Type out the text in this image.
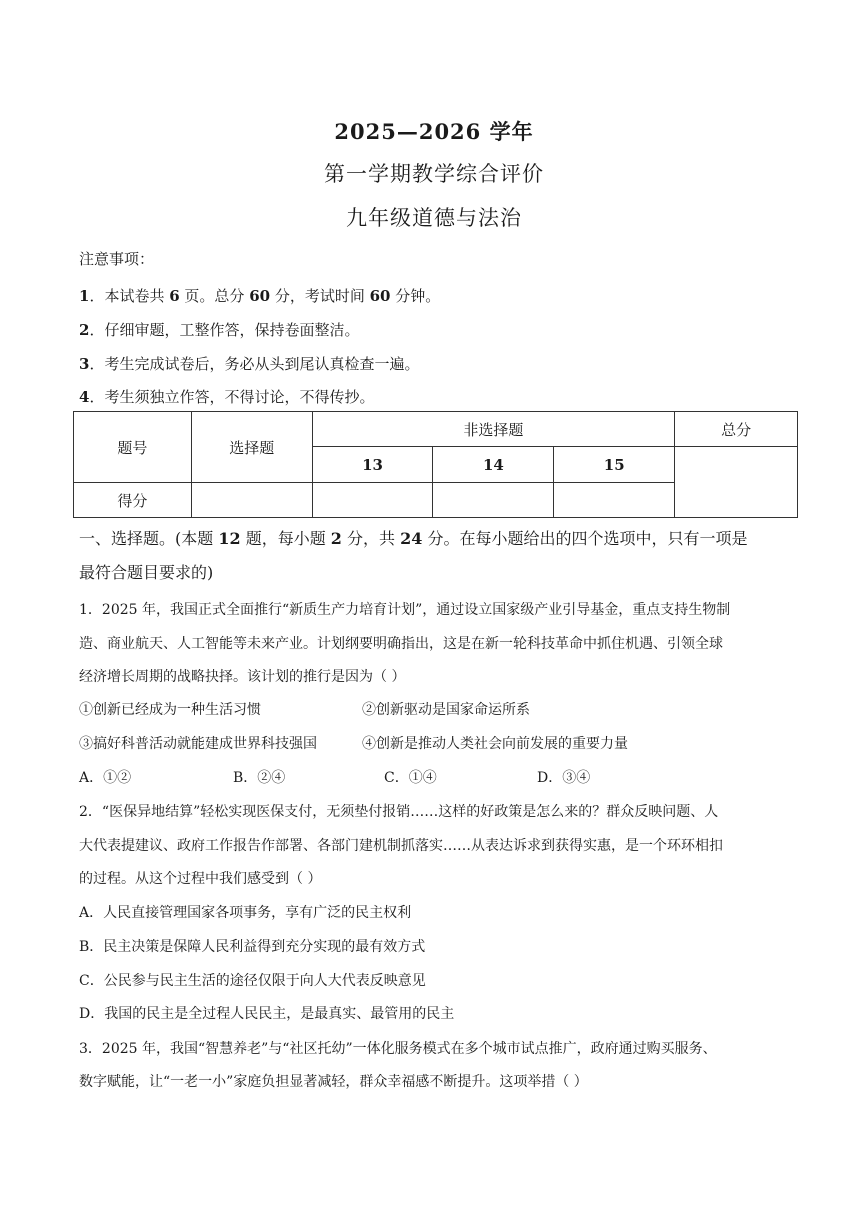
2025—2026 学年
第一学期教学综合评价
九年级道德与法治
注意事项：
1．本试卷共 6 页。总分 60 分，考试时间 60 分钟。
2．仔细审题，工整作答，保持卷面整洁。
3．考生完成试卷后，务必从头到尾认真检查一遍。
4．考生须独立作答，不得讨论，不得传抄。
题号	选择题	非选择题			总分
		13	14	15	
得分					
一、选择题。(本题 12 题，每小题 2 分，共 24 分。在每小题给出的四个选项中，只有一项是
最符合题目要求的)
1．2025 年，我国正式全面推行“新质生产力培育计划”，通过设立国家级产业引导基金，重点支持生物制
造、商业航天、人工智能等未来产业。计划纲要明确指出，这是在新一轮科技革命中抓住机遇、引领全球
经济增长周期的战略抉择。该计划的推行是因为（ ）
①创新已经成为一种生活习惯	②创新驱动是国家命运所系
③搞好科普活动就能建成世界科技强国	④创新是推动人类社会向前发展的重要力量
A．①②	B．②④	C．①④	D．③④
2．“医保异地结算”轻松实现医保支付，无须垫付报销……这样的好政策是怎么来的？群众反映问题、人
大代表提建议、政府工作报告作部署、各部门建机制抓落实……从表达诉求到获得实惠，是一个环环相扣
的过程。从这个过程中我们感受到（ ）
A．人民直接管理国家各项事务，享有广泛的民主权利
B．民主决策是保障人民利益得到充分实现的最有效方式
C．公民参与民主生活的途径仅限于向人大代表反映意见
D．我国的民主是全过程人民民主，是最真实、最管用的民主
3．2025 年，我国“智慧养老”与“社区托幼”一体化服务模式在多个城市试点推广，政府通过购买服务、
数字赋能，让“一老一小”家庭负担显著减轻，群众幸福感不断提升。这项举措（ ）
